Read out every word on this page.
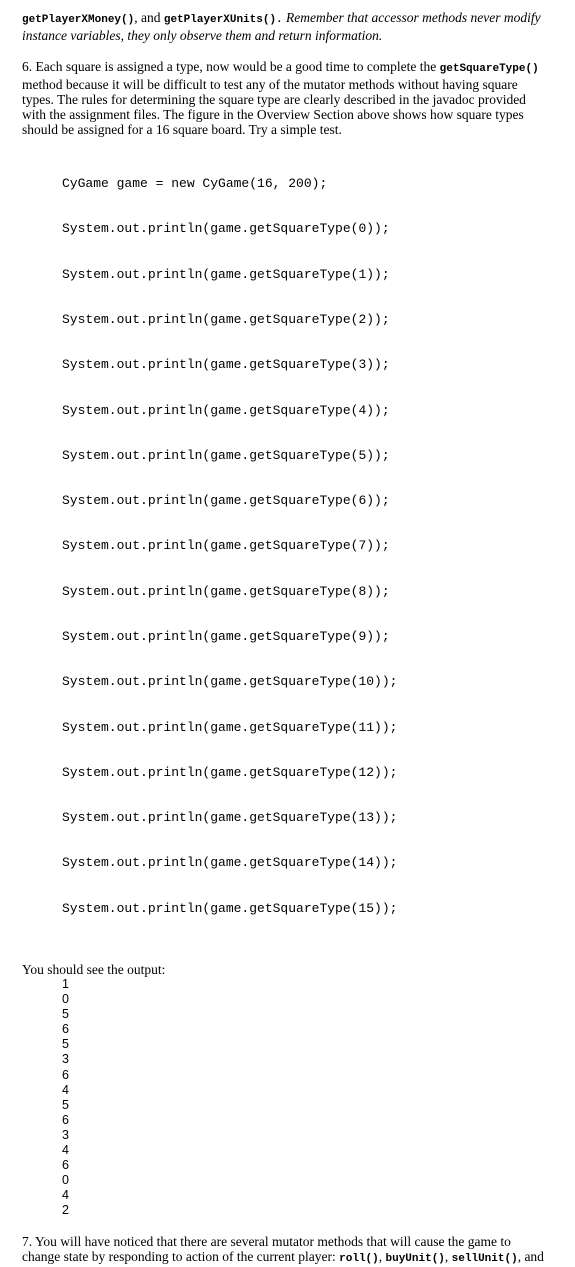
getPlayerXMoney(), and getPlayerXUnits(). Remember that accessor methods never modify
instance variables, they only observe them and return information.
6. Each square is assigned a type, now would be a good time to complete the getSquareType()
method because it will be difficult to test any of the mutator methods without having square
types. The rules for determining the square type are clearly described in the javadoc provided
with the assignment files. The figure in the Overview Section above shows how square types
should be assigned for a 16 square board. Try a simple test.

CyGame game = new CyGame(16, 200);

System.out.println(game.getSquareType(0));

System.out.println(game.getSquareType(1));

System.out.println(game.getSquareType(2));

System.out.println(game.getSquareType(3));

System.out.println(game.getSquareType(4));

System.out.println(game.getSquareType(5));

System.out.println(game.getSquareType(6));

System.out.println(game.getSquareType(7));

System.out.println(game.getSquareType(8));

System.out.println(game.getSquareType(9));

System.out.println(game.getSquareType(10));

System.out.println(game.getSquareType(11));

System.out.println(game.getSquareType(12));

System.out.println(game.getSquareType(13));

System.out.println(game.getSquareType(14));

System.out.println(game.getSquareType(15));

You should see the output:
1
0
5
6
5
3
6
4
5
6
3
4
6
0
4
2
7. You will have noticed that there are several mutator methods that will cause the game to
change state by responding to action of the current player: roll(), buyUnit(), sellUnit(), and
